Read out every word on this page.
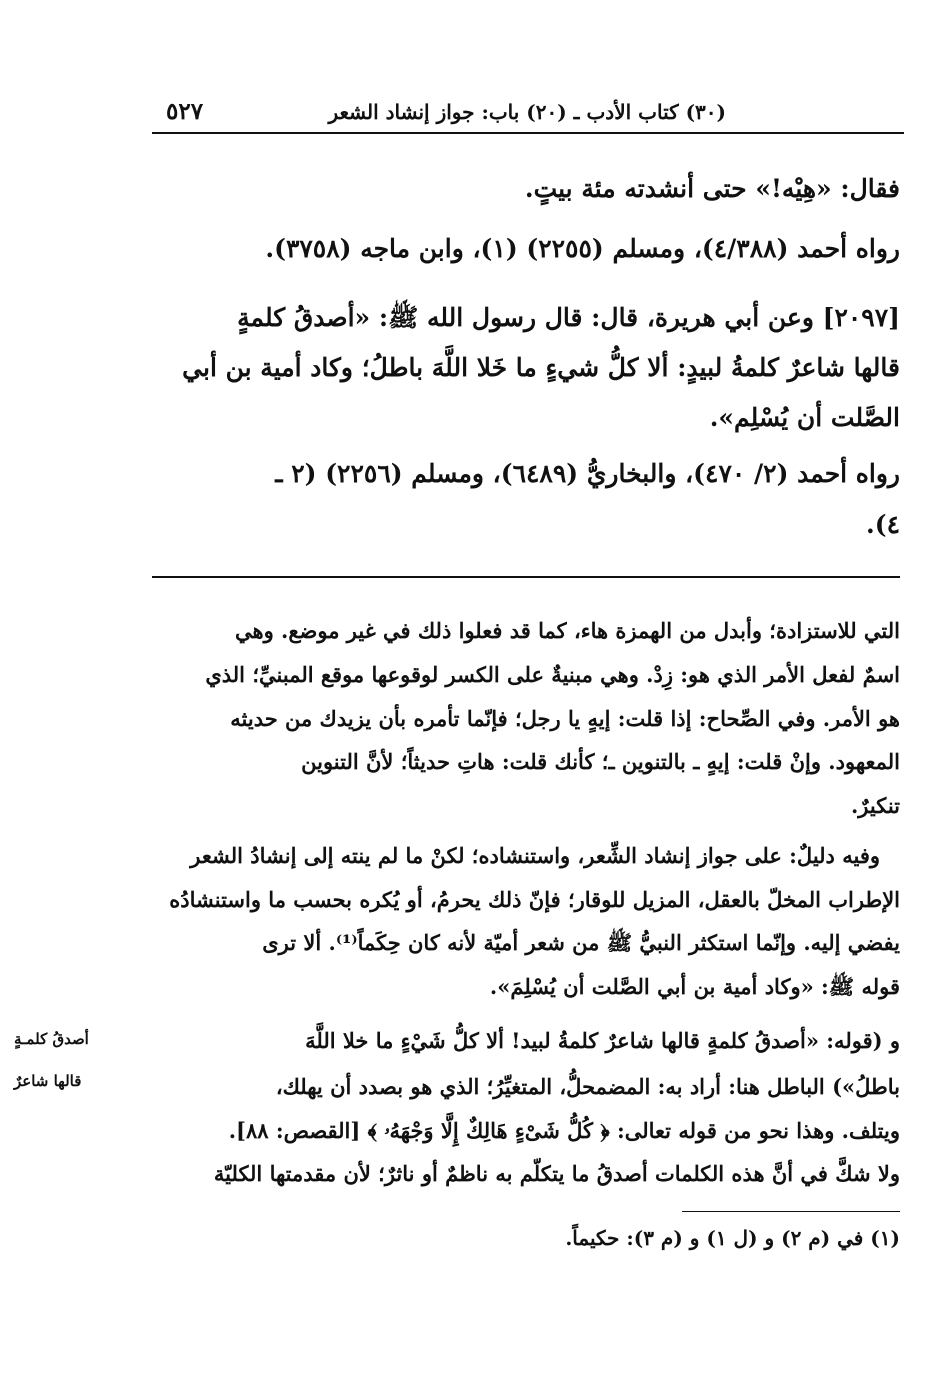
(٣٠) كتاب الأدب ـ (٢٠) باب: جواز إنشاد الشعر
٥٢٧
فقال: «هِيْه!» حتى أنشدته مئة بيتٍ.
رواه أحمد (٤/٣٨٨)، ومسلم (٢٢٥٥) (١)، وابن ماجه (٣٧٥٨).
[٢٠٩٧] وعن أبي هريرة، قال: قال رسول الله ﷺ: «أصدقُ كلمةٍ
قالها شاعرٌ كلمةُ لبيدٍ: ألا كلُّ شيءٍ ما خَلا اللَّهَ باطلُ؛ وكاد أمية بن أبي
الصَّلت أن يُسْلِم».
رواه أحمد (٢/ ٤٧٠)، والبخاريُّ (٦٤٨٩)، ومسلم (٢٢٥٦) (٢ ـ
٤).
التي للاستزادة؛ وأبدل من الهمزة هاء، كما قد فعلوا ذلك في غير موضع. وهي
اسمٌ لفعل الأمر الذي هو: زِدْ. وهي مبنيةٌ على الكسر لوقوعها موقع المبنيِّ؛ الذي
هو الأمر. وفي الصِّحاح: إذا قلت: إيهٍ يا رجل؛ فإنّما تأمره بأن يزيدك من حديثه
المعهود. وإنْ قلت: إيهٍ ـ بالتنوين ـ؛ كأنك قلت: هاتِ حديثاً؛ لأنَّ التنوين
تنكيرٌ.
وفيه دليلٌ: على جواز إنشاد الشِّعر، واستنشاده؛ لكنْ ما لم ينته إلى إنشادُ الشعر
الإطراب المخلّ بالعقل، المزيل للوقار؛ فإنّ ذلك يحرمُ، أو يُكره بحسب ما واستنشادُه
يفضي إليه. وإنّما استكثر النبيُّ ﷺ من شعر أميّة لأنه كان حِكَماً⁽¹⁾. ألا ترى
قوله ﷺ: «وكاد أمية بن أبي الصَّلت أن يُسْلِمَ».
و (قوله: «أصدقُ كلمةٍ قالها شاعرٌ كلمةُ لبيد! ألا كلُّ شَيْءٍ ما خلا اللَّهَ
باطلُ») الباطل هنا: أراد به: المضمحلُّ، المتغيِّرُ؛ الذي هو بصدد أن يهلك،
ويتلف. وهذا نحو من قوله تعالى: ﴿ كُلُّ شَىْءٍ هَالِكٌ إِلَّا وَجْهَهُۥ ﴾ [القصص: ٨٨].
ولا شكَّ في أنَّ هذه الكلمات أصدقُ ما يتكلّم به ناظمٌ أو ناثرٌ؛ لأن مقدمتها الكليّة
أصدقُ كلمـةٍ
قالها شاعرٌ
(١) في (م ٢) و (ل ١) و (م ٣): حكيماً.
